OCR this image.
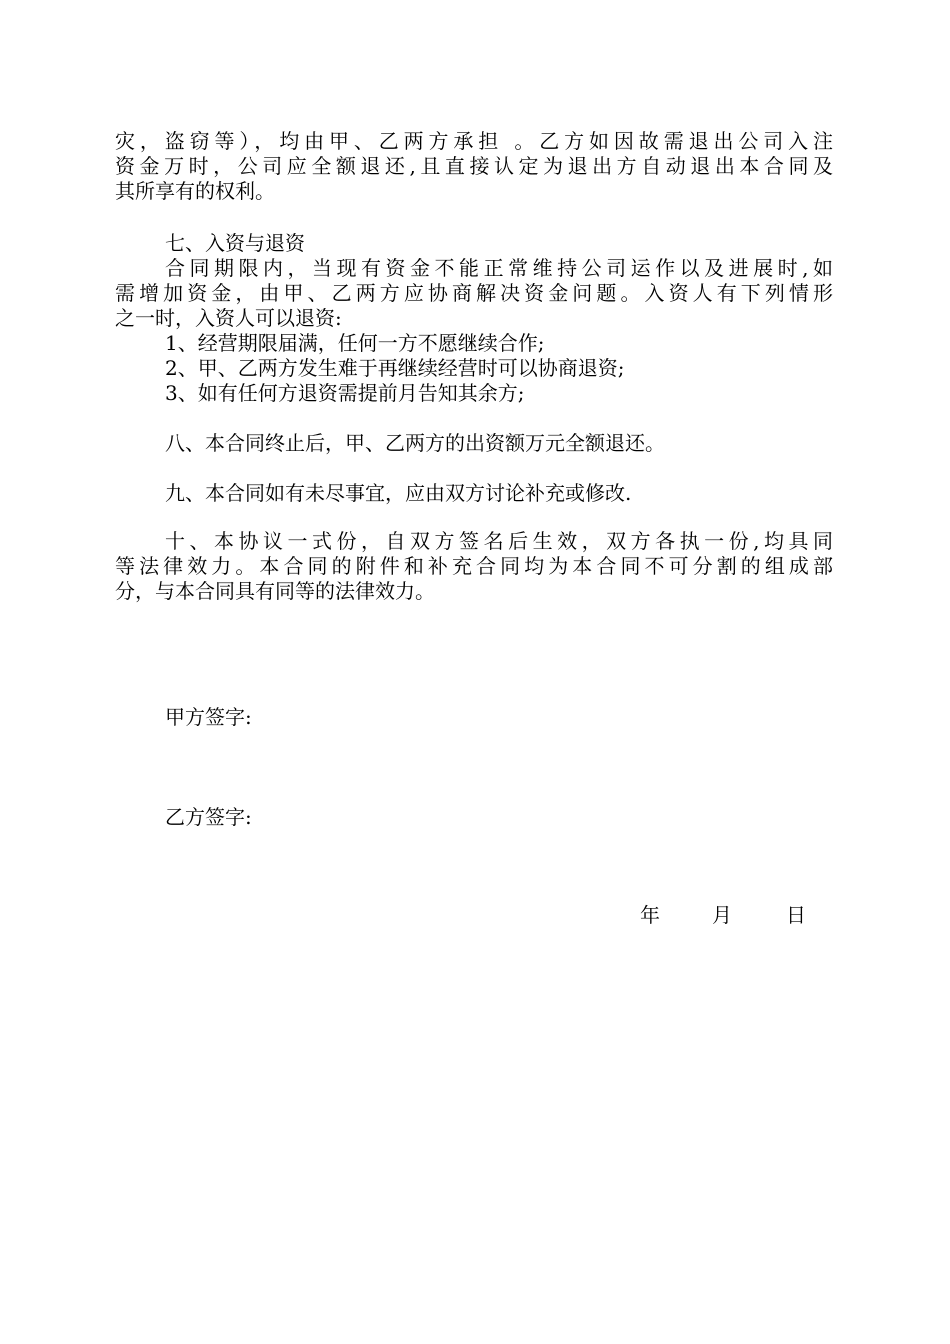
灾，盗窃等），均由甲、乙两方承担 。乙方如因故需退出公司入注
资金万时，公司应全额退还,且直接认定为退出方自动退出本合同及
其所享有的权利。
七、入资与退资
合同期限内，当现有资金不能正常维持公司运作以及进展时,如
需增加资金，由甲、乙两方应协商解决资金问题。入资人有下列情形
之一时，入资人可以退资:
1、经营期限届满，任何一方不愿继续合作;
2、甲、乙两方发生难于再继续经营时可以协商退资;
3、如有任何方退资需提前月告知其余方;
八、本合同终止后，甲、乙两方的出资额万元全额退还。
九、本合同如有未尽事宜，应由双方讨论补充或修改.
十、本协议一式份，自双方签名后生效，双方各执一份,均具同
等法律效力。本合同的附件和补充合同均为本合同不可分割的组成部
分，与本合同具有同等的法律效力。
甲方签字:
乙方签字:
年	月	日
